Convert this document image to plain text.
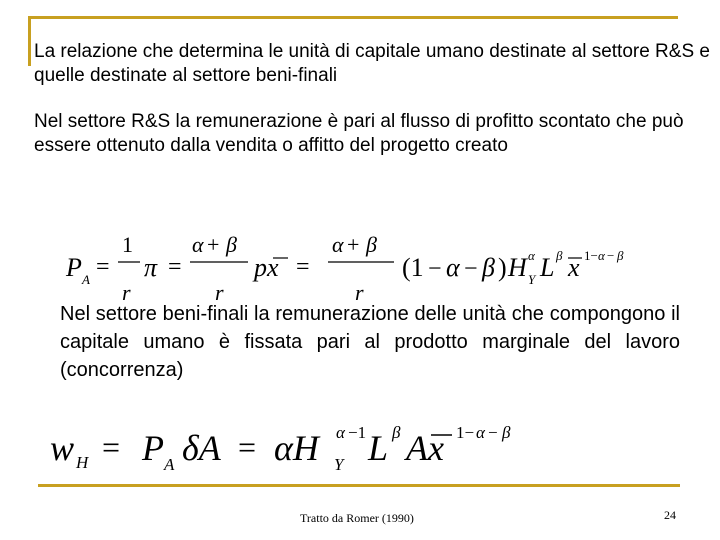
La relazione che determina le unità di capitale umano destinate al settore R&S e quelle destinate al settore beni-finali

Nel settore R&S la remunerazione è pari al flusso di profitto scontato che può essere ottenuto dalla vendita o affitto del progetto creato

P A =
1
r
π =
α + β
r
px =
α + β
r
(1 − α − β ) H Y
α L β x 1− α − β

Nel settore beni-finali la remunerazione delle unità che compongono il capitale umano è fissata pari al prodotto marginale del lavoro (concorrenza)

w H = P A δA = αH Y
α −1 L β Ax 1− α − β
Tratto da Romer (1990)	24
